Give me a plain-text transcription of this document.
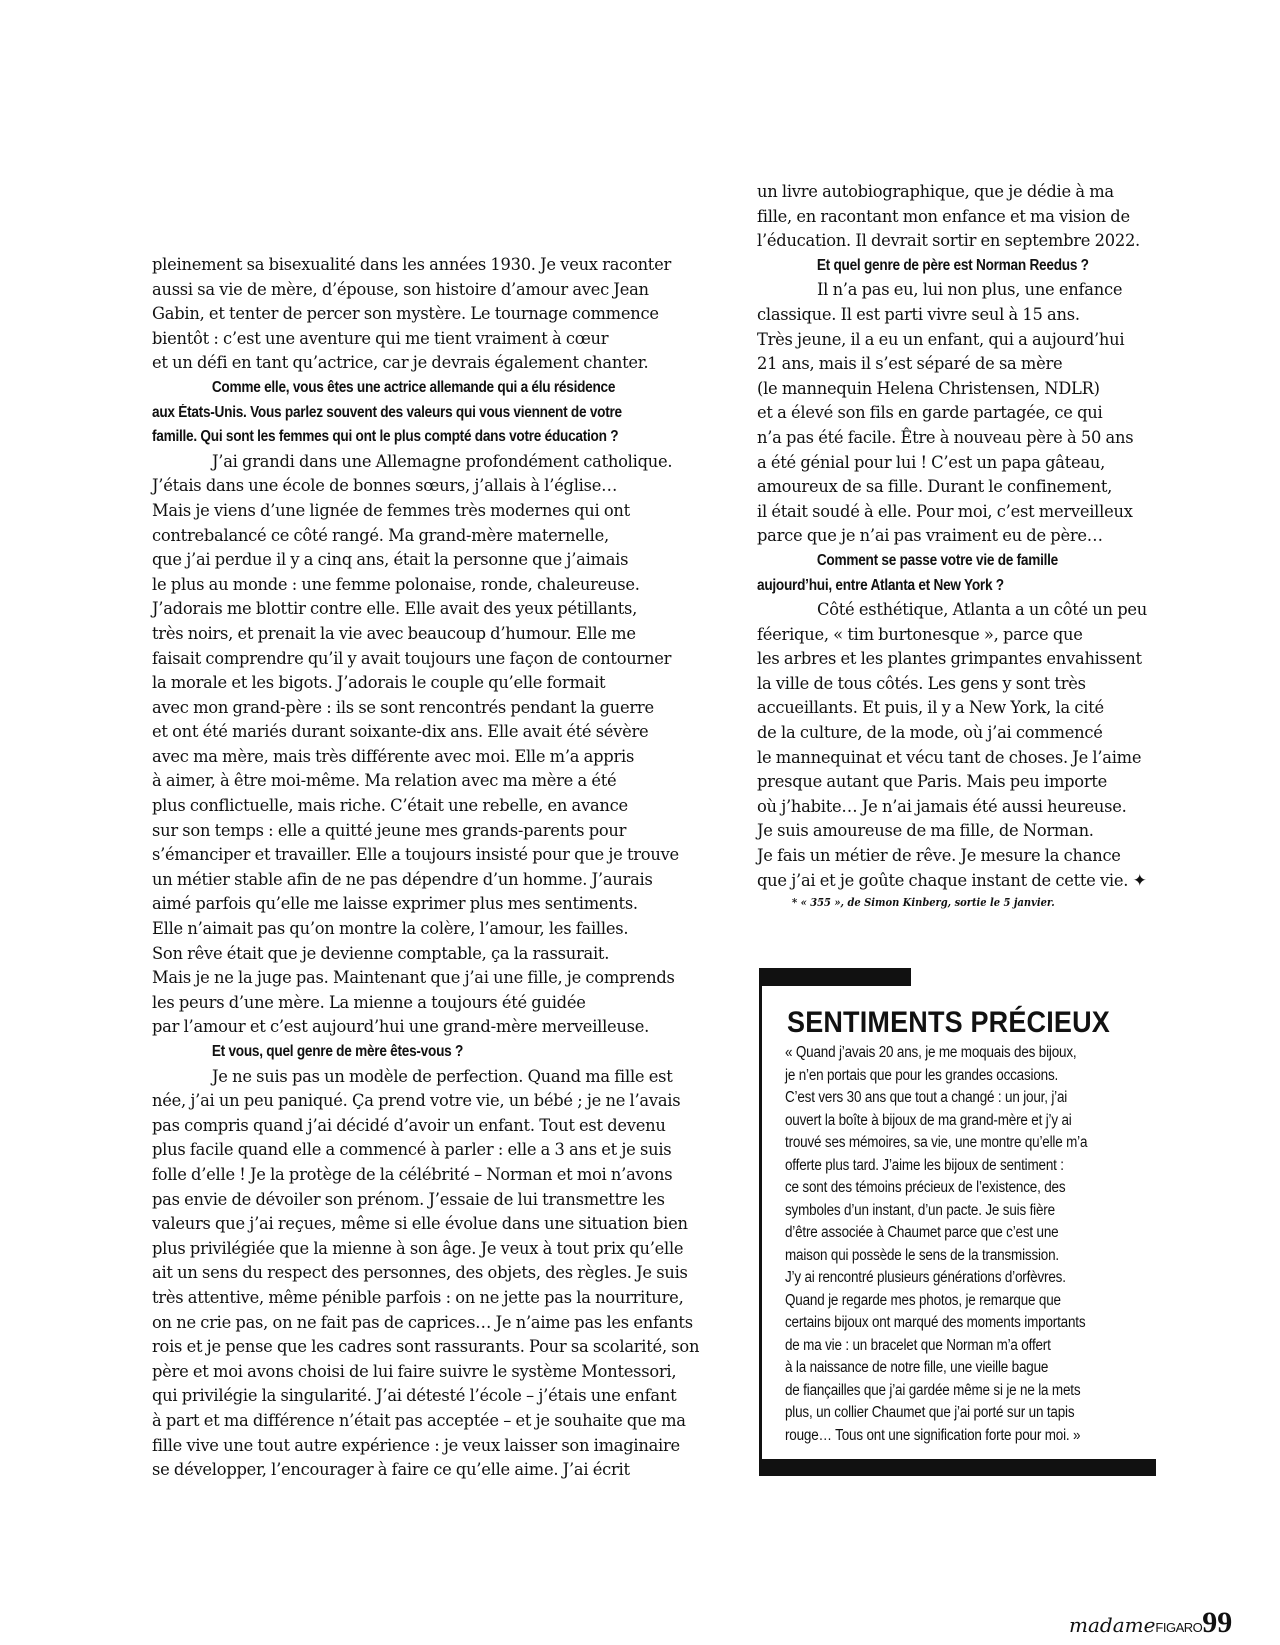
pleinement sa bisexualité dans les années 1930. Je veux raconter
aussi sa vie de mère, d’épouse, son histoire d’amour avec Jean
Gabin, et tenter de percer son mystère. Le tournage commence
bientôt : c’est une aventure qui me tient vraiment à cœur
et un défi en tant qu’actrice, car je devrais également chanter.
Comme elle, vous êtes une actrice allemande qui a élu résidence
aux États-Unis. Vous parlez souvent des valeurs qui vous viennent de votre
famille. Qui sont les femmes qui ont le plus compté dans votre éducation ?
J’ai grandi dans une Allemagne profondément catholique.
J’étais dans une école de bonnes sœurs, j’allais à l’église…
Mais je viens d’une lignée de femmes très modernes qui ont
contrebalancé ce côté rangé. Ma grand-mère maternelle,
que j’ai perdue il y a cinq ans, était la personne que j’aimais
le plus au monde : une femme polonaise, ronde, chaleureuse.
J’adorais me blottir contre elle. Elle avait des yeux pétillants,
très noirs, et prenait la vie avec beaucoup d’humour. Elle me
faisait comprendre qu’il y avait toujours une façon de contourner
la morale et les bigots. J’adorais le couple qu’elle formait
avec mon grand-père : ils se sont rencontrés pendant la guerre
et ont été mariés durant soixante-dix ans. Elle avait été sévère
avec ma mère, mais très différente avec moi. Elle m’a appris
à aimer, à être moi-même. Ma relation avec ma mère a été
plus conflictuelle, mais riche. C’était une rebelle, en avance
sur son temps : elle a quitté jeune mes grands-parents pour
s’émanciper et travailler. Elle a toujours insisté pour que je trouve
un métier stable afin de ne pas dépendre d’un homme. J’aurais
aimé parfois qu’elle me laisse exprimer plus mes sentiments.
Elle n’aimait pas qu’on montre la colère, l’amour, les failles.
Son rêve était que je devienne comptable, ça la rassurait.
Mais je ne la juge pas. Maintenant que j’ai une fille, je comprends
les peurs d’une mère. La mienne a toujours été guidée
par l’amour et c’est aujourd’hui une grand-mère merveilleuse.
Et vous, quel genre de mère êtes-vous ?
Je ne suis pas un modèle de perfection. Quand ma fille est
née, j’ai un peu paniqué. Ça prend votre vie, un bébé ; je ne l’avais
pas compris quand j’ai décidé d’avoir un enfant. Tout est devenu
plus facile quand elle a commencé à parler : elle a 3 ans et je suis
folle d’elle ! Je la protège de la célébrité – Norman et moi n’avons
pas envie de dévoiler son prénom. J’essaie de lui transmettre les
valeurs que j’ai reçues, même si elle évolue dans une situation bien
plus privilégiée que la mienne à son âge. Je veux à tout prix qu’elle
ait un sens du respect des personnes, des objets, des règles. Je suis
très attentive, même pénible parfois : on ne jette pas la nourriture,
on ne crie pas, on ne fait pas de caprices… Je n’aime pas les enfants
rois et je pense que les cadres sont rassurants. Pour sa scolarité, son
père et moi avons choisi de lui faire suivre le système Montessori,
qui privilégie la singularité. J’ai détesté l’école – j’étais une enfant
à part et ma différence n’était pas acceptée – et je souhaite que ma
fille vive une tout autre expérience : je veux laisser son imaginaire
se développer, l’encourager à faire ce qu’elle aime. J’ai écrit
un livre autobiographique, que je dédie à ma
fille, en racontant mon enfance et ma vision de
l’éducation. Il devrait sortir en septembre 2022.
Et quel genre de père est Norman Reedus ?
Il n’a pas eu, lui non plus, une enfance
classique. Il est parti vivre seul à 15 ans.
Très jeune, il a eu un enfant, qui a aujourd’hui
21 ans, mais il s’est séparé de sa mère
(le mannequin Helena Christensen, NDLR)
et a élevé son fils en garde partagée, ce qui
n’a pas été facile. Être à nouveau père à 50 ans
a été génial pour lui ! C’est un papa gâteau,
amoureux de sa fille. Durant le confinement,
il était soudé à elle. Pour moi, c’est merveilleux
parce que je n’ai pas vraiment eu de père…
Comment se passe votre vie de famille
aujourd’hui, entre Atlanta et New York ?
Côté esthétique, Atlanta a un côté un peu
féerique, « tim burtonesque », parce que
les arbres et les plantes grimpantes envahissent
la ville de tous côtés. Les gens y sont très
accueillants. Et puis, il y a New York, la cité
de la culture, de la mode, où j’ai commencé
le mannequinat et vécu tant de choses. Je l’aime
presque autant que Paris. Mais peu importe
où j’habite… Je n’ai jamais été aussi heureuse.
Je suis amoureuse de ma fille, de Norman.
Je fais un métier de rêve. Je mesure la chance
que j’ai et je goûte chaque instant de cette vie. ✦
* « 355 », de Simon Kinberg, sortie le 5 janvier.
SENTIMENTS PRÉCIEUX
« Quand j’avais 20 ans, je me moquais des bijoux,
je n’en portais que pour les grandes occasions.
C’est vers 30 ans que tout a changé : un jour, j’ai
ouvert la boîte à bijoux de ma grand-mère et j’y ai
trouvé ses mémoires, sa vie, une montre qu’elle m’a
offerte plus tard. J’aime les bijoux de sentiment :
ce sont des témoins précieux de l’existence, des
symboles d’un instant, d’un pacte. Je suis fière
d’être associée à Chaumet parce que c’est une
maison qui possède le sens de la transmission.
J’y ai rencontré plusieurs générations d’orfèvres.
Quand je regarde mes photos, je remarque que
certains bijoux ont marqué des moments importants
de ma vie : un bracelet que Norman m’a offert
à la naissance de notre fille, une vieille bague
de fiançailles que j’ai gardée même si je ne la mets
plus, un collier Chaumet que j’ai porté sur un tapis
rouge… Tous ont une signification forte pour moi. »
madameFIGARO99
